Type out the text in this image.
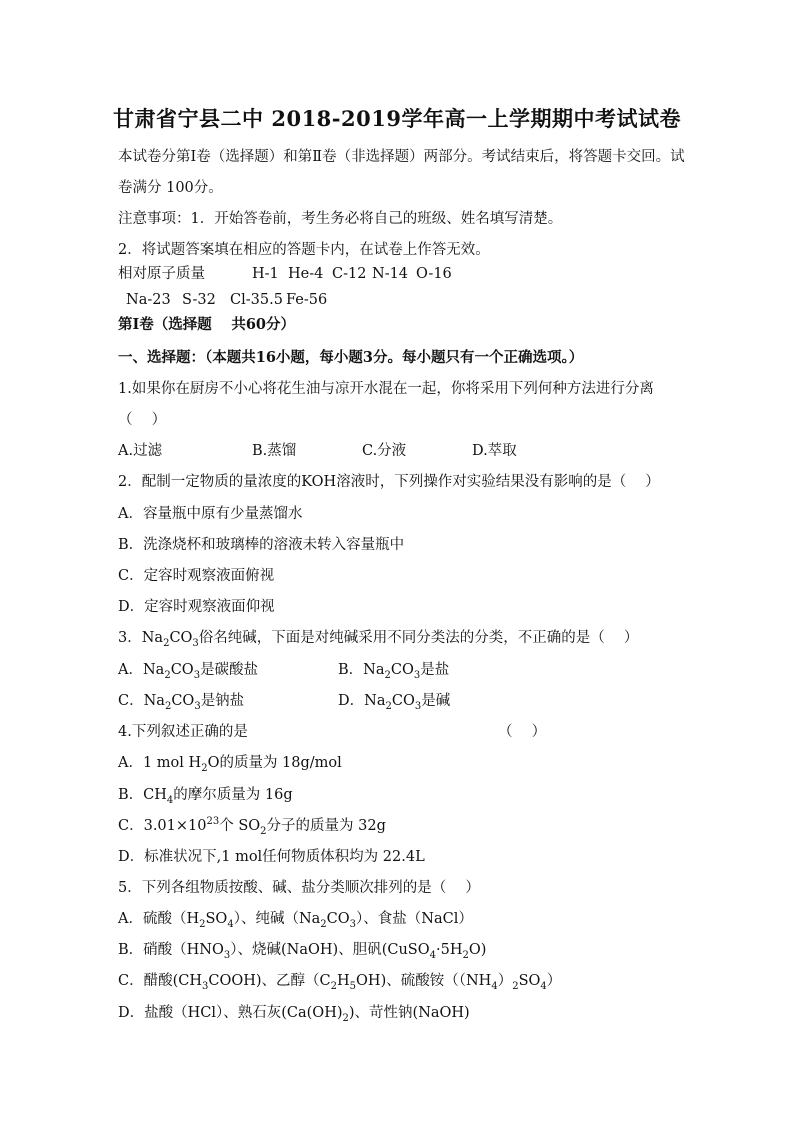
甘肃省宁县二中 2018-2019学年高一上学期期中考试试卷
本试卷分第Ⅰ卷（选择题）和第Ⅱ卷（非选择题）两部分。考试结束后，将答题卡交回。试
卷满分 100分。
注意事项：1．开始答卷前，考生务必将自己的班级、姓名填写清楚。
2．将试题答案填在相应的答题卡内，在试卷上作答无效。
相对原子质量	H-1 He-4 C-12 N-14 O-16
Na-23 S-32 Cl-35.5 Fe-56
第Ⅰ卷（选择题　 共60分）
一、选择题：（本题共16小题，每小题3分。每小题只有一个正确选项。）
1.如果你在厨房不小心将花生油与凉开水混在一起，你将采用下列何种方法进行分离
（　 ）
A.过滤	B.蒸馏	C.分液	D.萃取
2．配制一定物质的量浓度的KOH溶液时，下列操作对实验结果没有影响的是（　 ）
A．容量瓶中原有少量蒸馏水
B．洗涤烧杯和玻璃棒的溶液未转入容量瓶中
C．定容时观察液面俯视
D．定容时观察液面仰视
3．$Na_2CO_3$俗名纯碱，下面是对纯碱采用不同分类法的分类，不正确的是（　 ）
A．$Na_2CO_3$是碳酸盐	B．$Na_2CO_3$是盐
C．$Na_2CO_3$是钠盐	D．$Na_2CO_3$是碱
4.下列叙述正确的是	（　 ）
A．1 mol $H_2O$的质量为 18g/mol
B．$CH_4$的摩尔质量为 16g
C．$3.01\times 10^{23}$个 $SO_2$分子的质量为 32g
D．标准状况下,1 mol任何物质体积均为 22.4L
5．下列各组物质按酸、碱、盐分类顺次排列的是（　 ）
A．硫酸$(H_2SO_4)$、纯碱$(Na_2CO_3)$、食盐（NaCl）
B．硝酸$(HNO_3)$、烧碱(NaOH)、胆矾$(CuSO_4\cdot 5H_2O)$
C．醋酸$(CH_3COOH)$、乙醇$(C_2H_5OH)$、硫酸铵$((NH_4)_2SO_4)$
D．盐酸（HCl）、熟石灰$(Ca(OH)_2)$、苛性钠(NaOH)
